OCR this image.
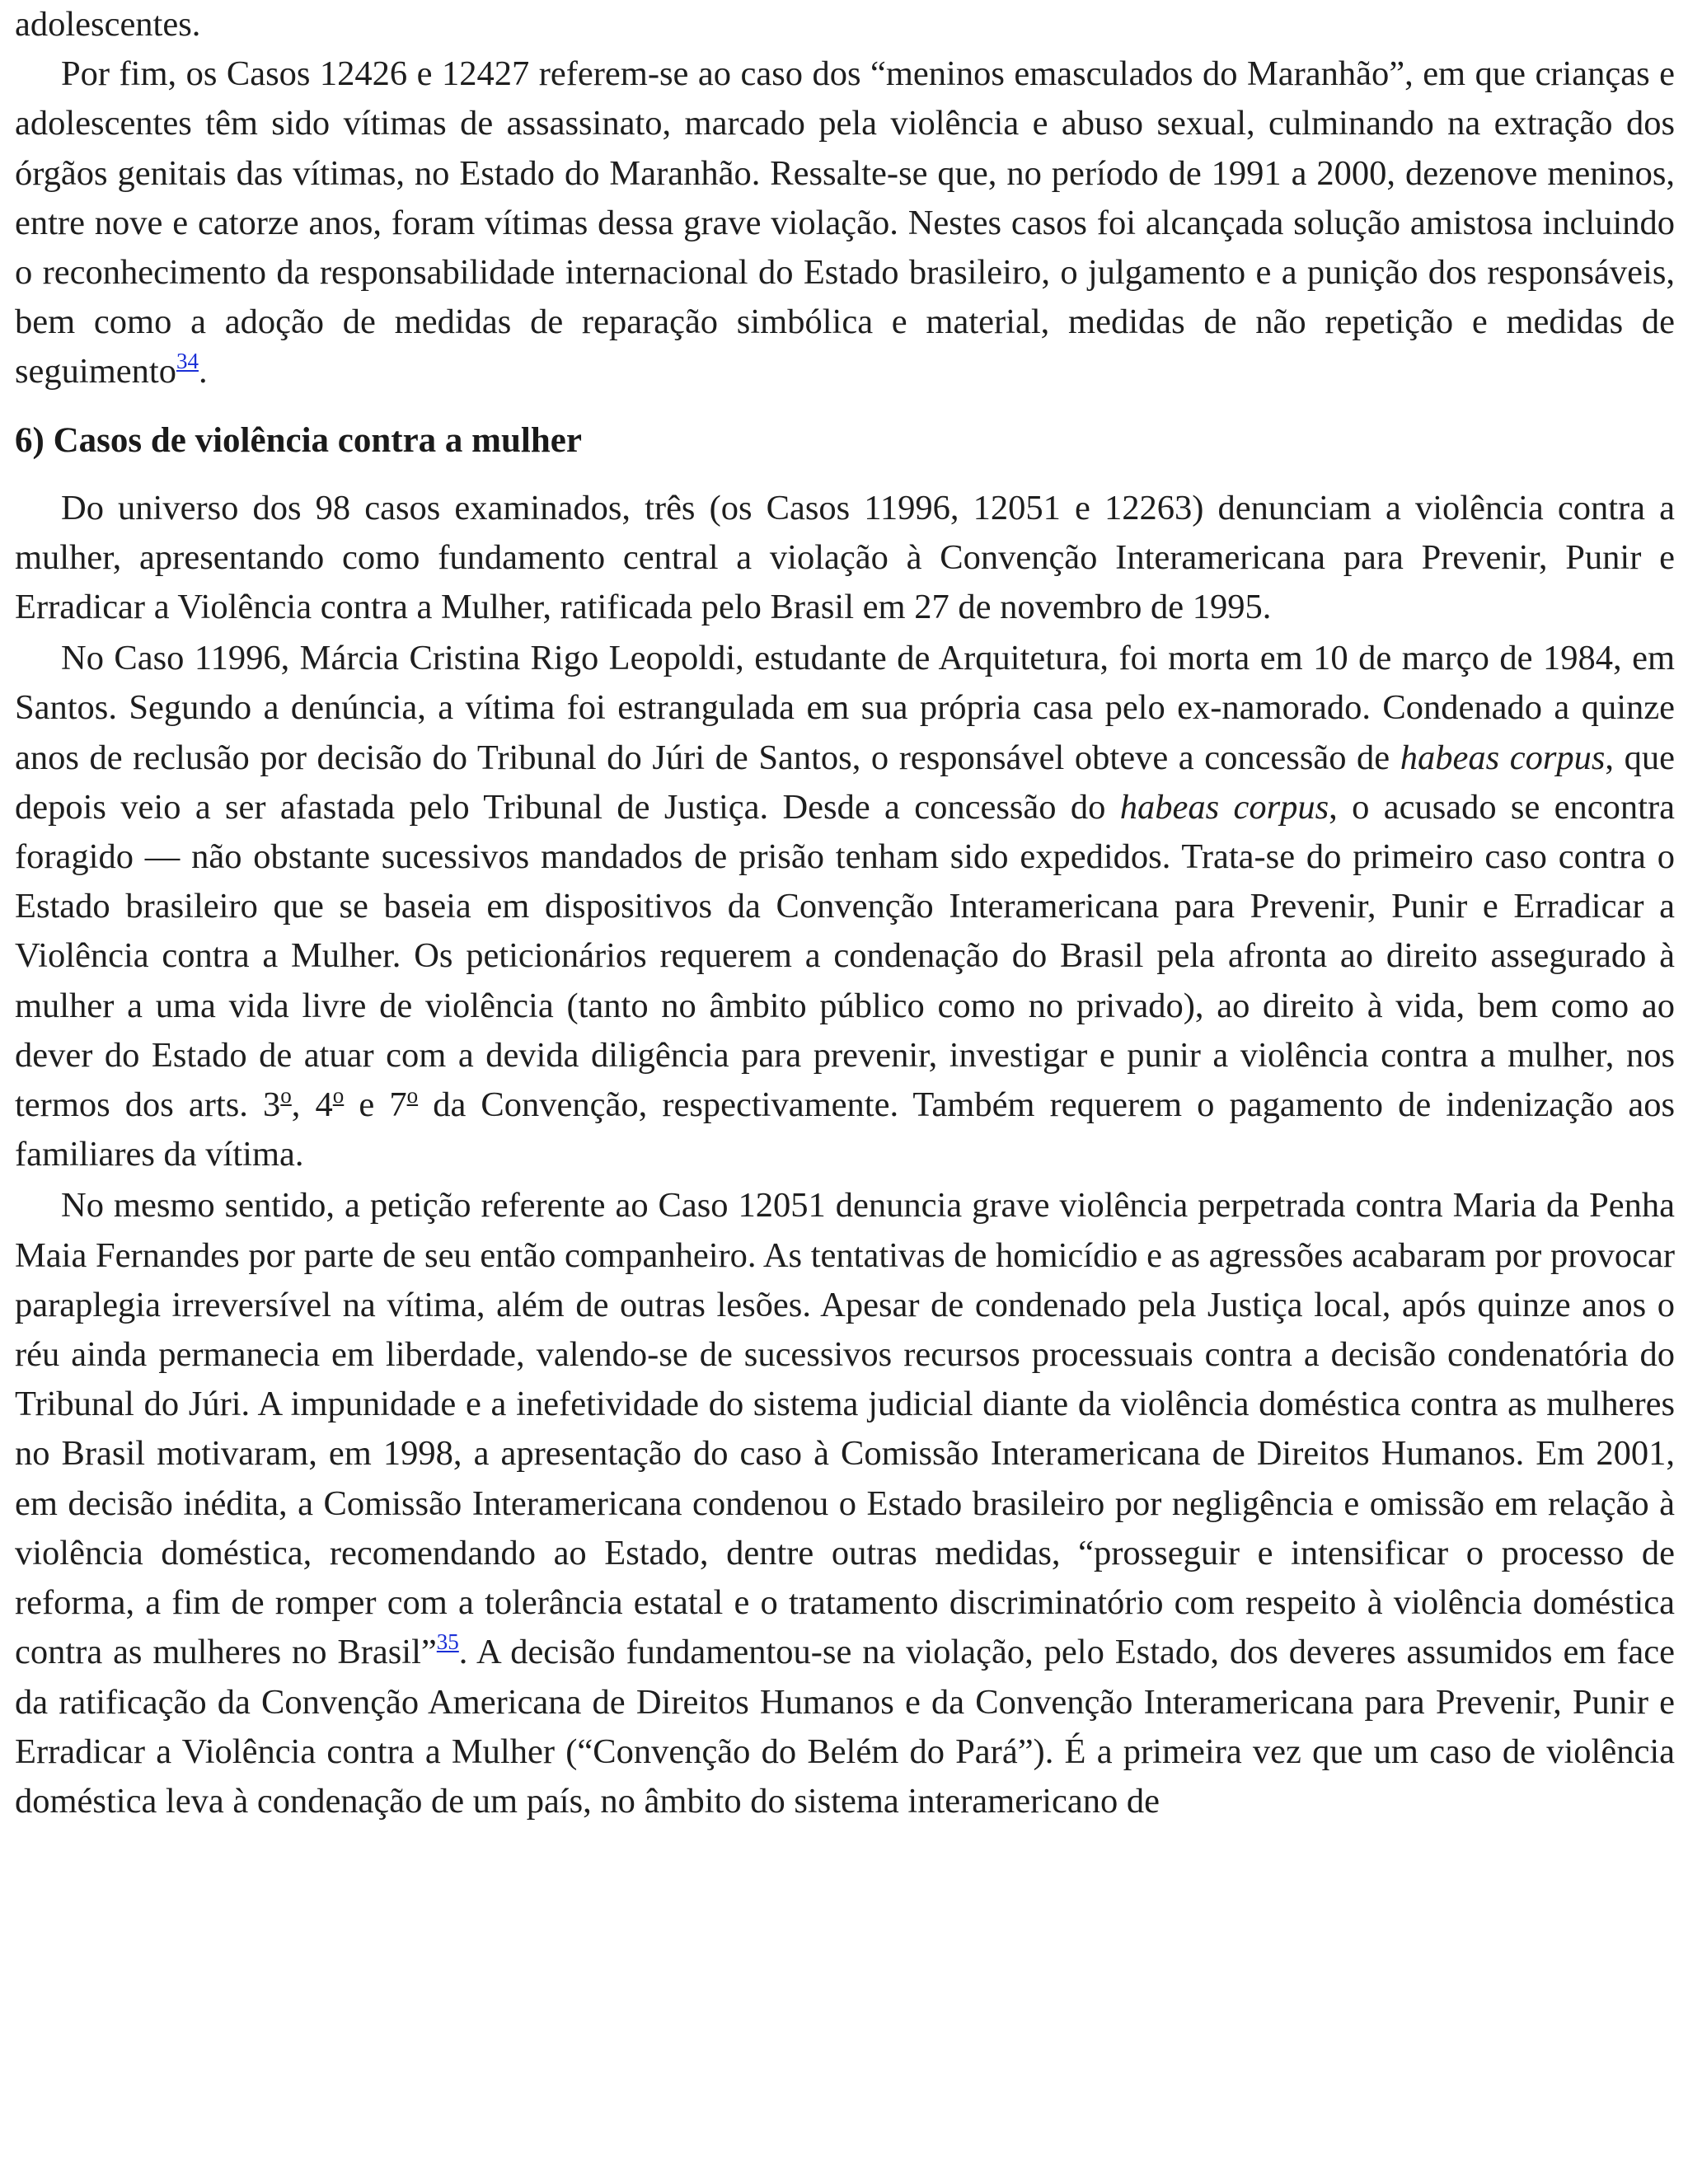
adolescentes.

Por fim, os Casos 12426 e 12427 referem-se ao caso dos “meninos emasculados do Maranhão”, em que crianças e adolescentes têm sido vítimas de assassinato, marcado pela violência e abuso sexual, culminando na extração dos órgãos genitais das vítimas, no Estado do Maranhão. Ressalte-se que, no período de 1991 a 2000, dezenove meninos, entre nove e catorze anos, foram vítimas dessa grave violação. Nestes casos foi alcançada solução amistosa incluindo o reconhecimento da responsabilidade internacional do Estado brasileiro, o julgamento e a punição dos responsáveis, bem como a adoção de medidas de reparação simbólica e material, medidas de não repetição e medidas de seguimento$^{34}$.

6) Casos de violência contra a mulher

Do universo dos 98 casos examinados, três (os Casos 11996, 12051 e 12263) denunciam a violência contra a mulher, apresentando como fundamento central a violação à Convenção Interamericana para Prevenir, Punir e Erradicar a Violência contra a Mulher, ratificada pelo Brasil em 27 de novembro de 1995.

No Caso 11996, Márcia Cristina Rigo Leopoldi, estudante de Arquitetura, foi morta em 10 de março de 1984, em Santos. Segundo a denúncia, a vítima foi estrangulada em sua própria casa pelo ex-namorado. Condenado a quinze anos de reclusão por decisão do Tribunal do Júri de Santos, o responsável obteve a concessão de habeas corpus, que depois veio a ser afastada pelo Tribunal de Justiça. Desde a concessão do habeas corpus, o acusado se encontra foragido — não obstante sucessivos mandados de prisão tenham sido expedidos. Trata-se do primeiro caso contra o Estado brasileiro que se baseia em dispositivos da Convenção Interamericana para Prevenir, Punir e Erradicar a Violência contra a Mulher. Os peticionários requerem a condenação do Brasil pela afronta ao direito assegurado à mulher a uma vida livre de violência (tanto no âmbito público como no privado), ao direito à vida, bem como ao dever do Estado de atuar com a devida diligência para prevenir, investigar e punir a violência contra a mulher, nos termos dos arts. 3$^o$, 4$^o$ e 7$^o$ da Convenção, respectivamente. Também requerem o pagamento de indenização aos familiares da vítima.

No mesmo sentido, a petição referente ao Caso 12051 denuncia grave violência perpetrada contra Maria da Penha Maia Fernandes por parte de seu então companheiro. As tentativas de homicídio e as agressões acabaram por provocar paraplegia irreversível na vítima, além de outras lesões. Apesar de condenado pela Justiça local, após quinze anos o réu ainda permanecia em liberdade, valendo-se de sucessivos recursos processuais contra a decisão condenatória do Tribunal do Júri. A impunidade e a inefetividade do sistema judicial diante da violência doméstica contra as mulheres no Brasil motivaram, em 1998, a apresentação do caso à Comissão Interamericana de Direitos Humanos. Em 2001, em decisão inédita, a Comissão Interamericana condenou o Estado brasileiro por negligência e omissão em relação à violência doméstica, recomendando ao Estado, dentre outras medidas, “prosseguir e intensificar o processo de reforma, a fim de romper com a tolerância estatal e o tratamento discriminatório com respeito à violência doméstica contra as mulheres no Brasil”$^{35}$. A decisão fundamentou-se na violação, pelo Estado, dos deveres assumidos em face da ratificação da Convenção Americana de Direitos Humanos e da Convenção Interamericana para Prevenir, Punir e Erradicar a Violência contra a Mulher (“Convenção do Belém do Pará”). É a primeira vez que um caso de violência doméstica leva à condenação de um país, no âmbito do sistema interamericano de
